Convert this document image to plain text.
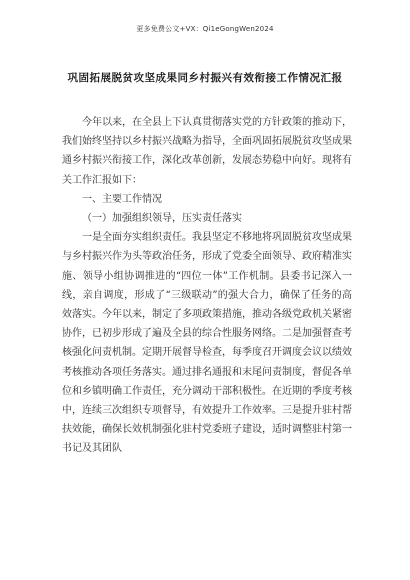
更多免费公文+VX：Qi1eGongWen2024
巩固拓展脱贫攻坚成果同乡村振兴有效衔接工作情况汇报

今年以来，在全县上下认真贯彻落实党的方针政策的推动下，我们始终坚持以乡村振兴战略为指导，全面巩固拓展脱贫攻坚成果通乡村振兴衔接工作，深化改革创新，发展态势稳中向好。现将有关工作汇报如下：

一、主要工作情况

（一）加强组织领导，压实责任落实

一是全面夯实组织责任。我县坚定不移地将巩固脱贫攻坚成果与乡村振兴作为头等政治任务，形成了党委全面领导、政府精准实施、领导小组协调推进的“四位一体”工作机制。县委书记深入一线，亲自调度，形成了“三级联动”的强大合力，确保了任务的高效落实。今年以来，制定了多项政策措施，推动各级党政机关紧密协作，已初步形成了遍及全县的综合性服务网络。二是加强督查考核强化问责机制。定期开展督导检查，每季度召开调度会议以绩效考核推动各项任务落实。通过排名通报和末尾问责制度，督促各单位和乡镇明确工作责任，充分调动干部积极性。在近期的季度考核中，连续三次组织专项督导，有效提升工作效率。三是提升驻村帮扶效能，确保长效机制强化驻村党委班子建设，适时调整驻村第一书记及其团队
